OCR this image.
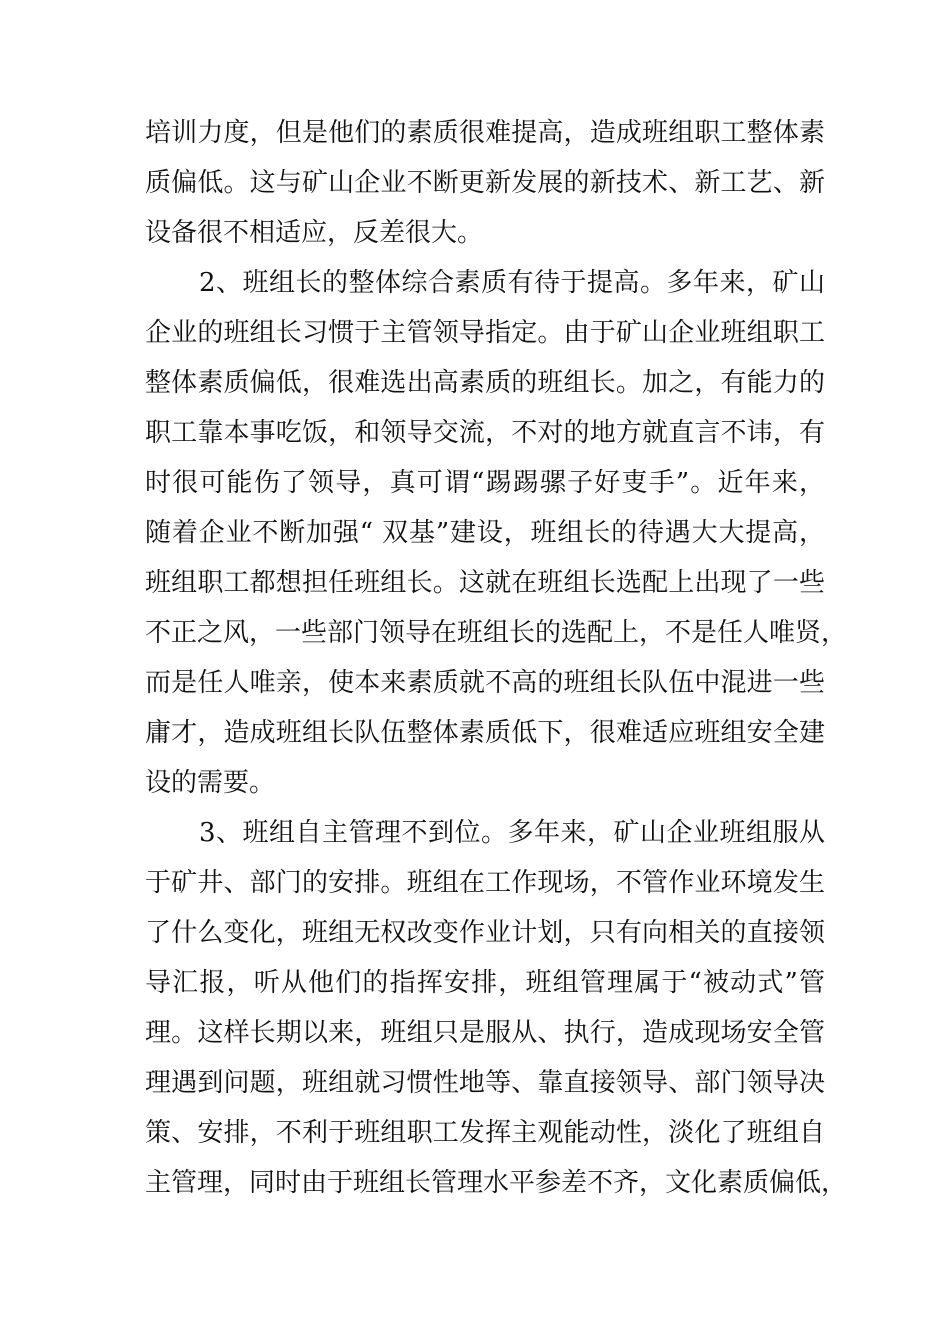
培训力度，但是他们的素质很难提高，造成班组职工整体素
质偏低。这与矿山企业不断更新发展的新技术、新工艺、新
设备很不相适应，反差很大。
2、班组长的整体综合素质有待于提高。多年来，矿山
企业的班组长习惯于主管领导指定。由于矿山企业班组职工
整体素质偏低，很难选出高素质的班组长。加之，有能力的
职工靠本事吃饭，和领导交流，不对的地方就直言不讳，有
时很可能伤了领导，真可谓“踢踢骡子好叓手”。近年来，
随着企业不断加强“ 双基”建设，班组长的待遇大大提高，
班组职工都想担任班组长。这就在班组长选配上出现了一些
不正之风，一些部门领导在班组长的选配上，不是任人唯贤，
而是任人唯亲，使本来素质就不高的班组长队伍中混进一些
庸才，造成班组长队伍整体素质低下，很难适应班组安全建
设的需要。
3、班组自主管理不到位。多年来，矿山企业班组服从
于矿井、部门的安排。班组在工作现场，不管作业环境发生
了什么变化，班组无权改变作业计划，只有向相关的直接领
导汇报，听从他们的指挥安排，班组管理属于“被动式”管
理。这样长期以来，班组只是服从、执行，造成现场安全管
理遇到问题，班组就习惯性地等、靠直接领导、部门领导决
策、安排，不利于班组职工发挥主观能动性，淡化了班组自
主管理，同时由于班组长管理水平参差不齐，文化素质偏低，
